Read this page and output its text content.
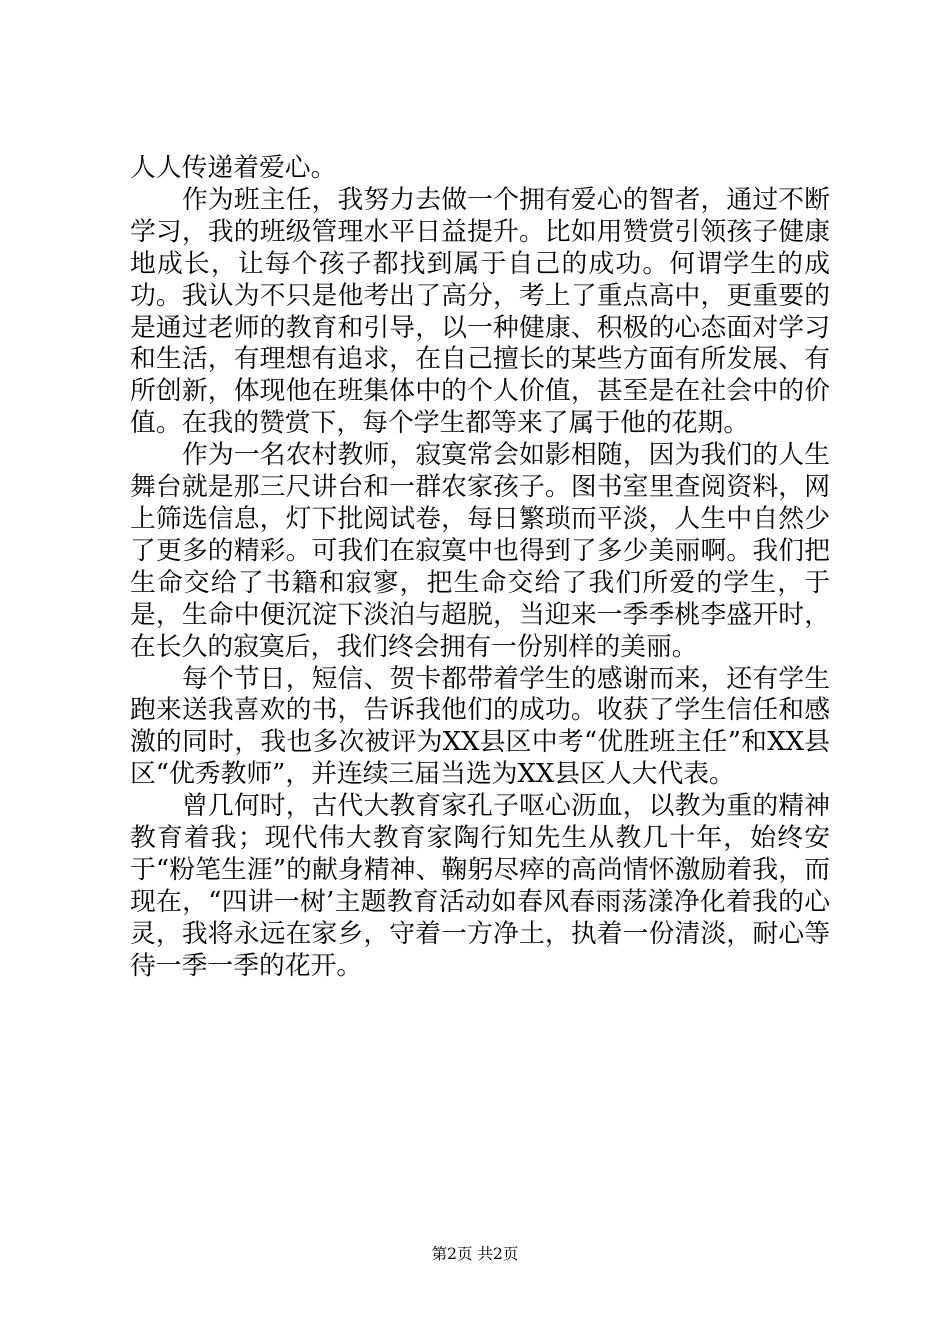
人人传递着爱心。

作为班主任，我努力去做一个拥有爱心的智者，通过不断学习，我的班级管理水平日益提升。比如用赞赏引领孩子健康地成长，让每个孩子都找到属于自己的成功。何谓学生的成功。我认为不只是他考出了高分，考上了重点高中，更重要的是通过老师的教育和引导，以一种健康、积极的心态面对学习和生活，有理想有追求，在自己擅长的某些方面有所发展、有所创新，体现他在班集体中的个人价值，甚至是在社会中的价值。在我的赞赏下，每个学生都等来了属于他的花期。

作为一名农村教师，寂寞常会如影相随，因为我们的人生舞台就是那三尺讲台和一群农家孩子。图书室里查阅资料，网上筛选信息，灯下批阅试卷，每日繁琐而平淡，人生中自然少了更多的精彩。可我们在寂寞中也得到了多少美丽啊。我们把生命交给了书籍和寂寥，把生命交给了我们所爱的学生，于是，生命中便沉淀下淡泊与超脱，当迎来一季季桃李盛开时，在长久的寂寞后，我们终会拥有一份别样的美丽。

每个节日，短信、贺卡都带着学生的感谢而来，还有学生跑来送我喜欢的书，告诉我他们的成功。收获了学生信任和感激的同时，我也多次被评为XX县区中考“优胜班主任”和XX县区“优秀教师”，并连续三届当选为XX县区人大代表。

曾几何时，古代大教育家孔子呕心沥血，以教为重的精神教育着我；现代伟大教育家陶行知先生从教几十年，始终安于“粉笔生涯”的献身精神、鞠躬尽瘁的高尚情怀激励着我，而现在，“四讲一树’主题教育活动如春风春雨荡漾净化着我的心灵，我将永远在家乡，守着一方净土，执着一份清淡，耐心等待一季一季的花开。

第2页 共2页
